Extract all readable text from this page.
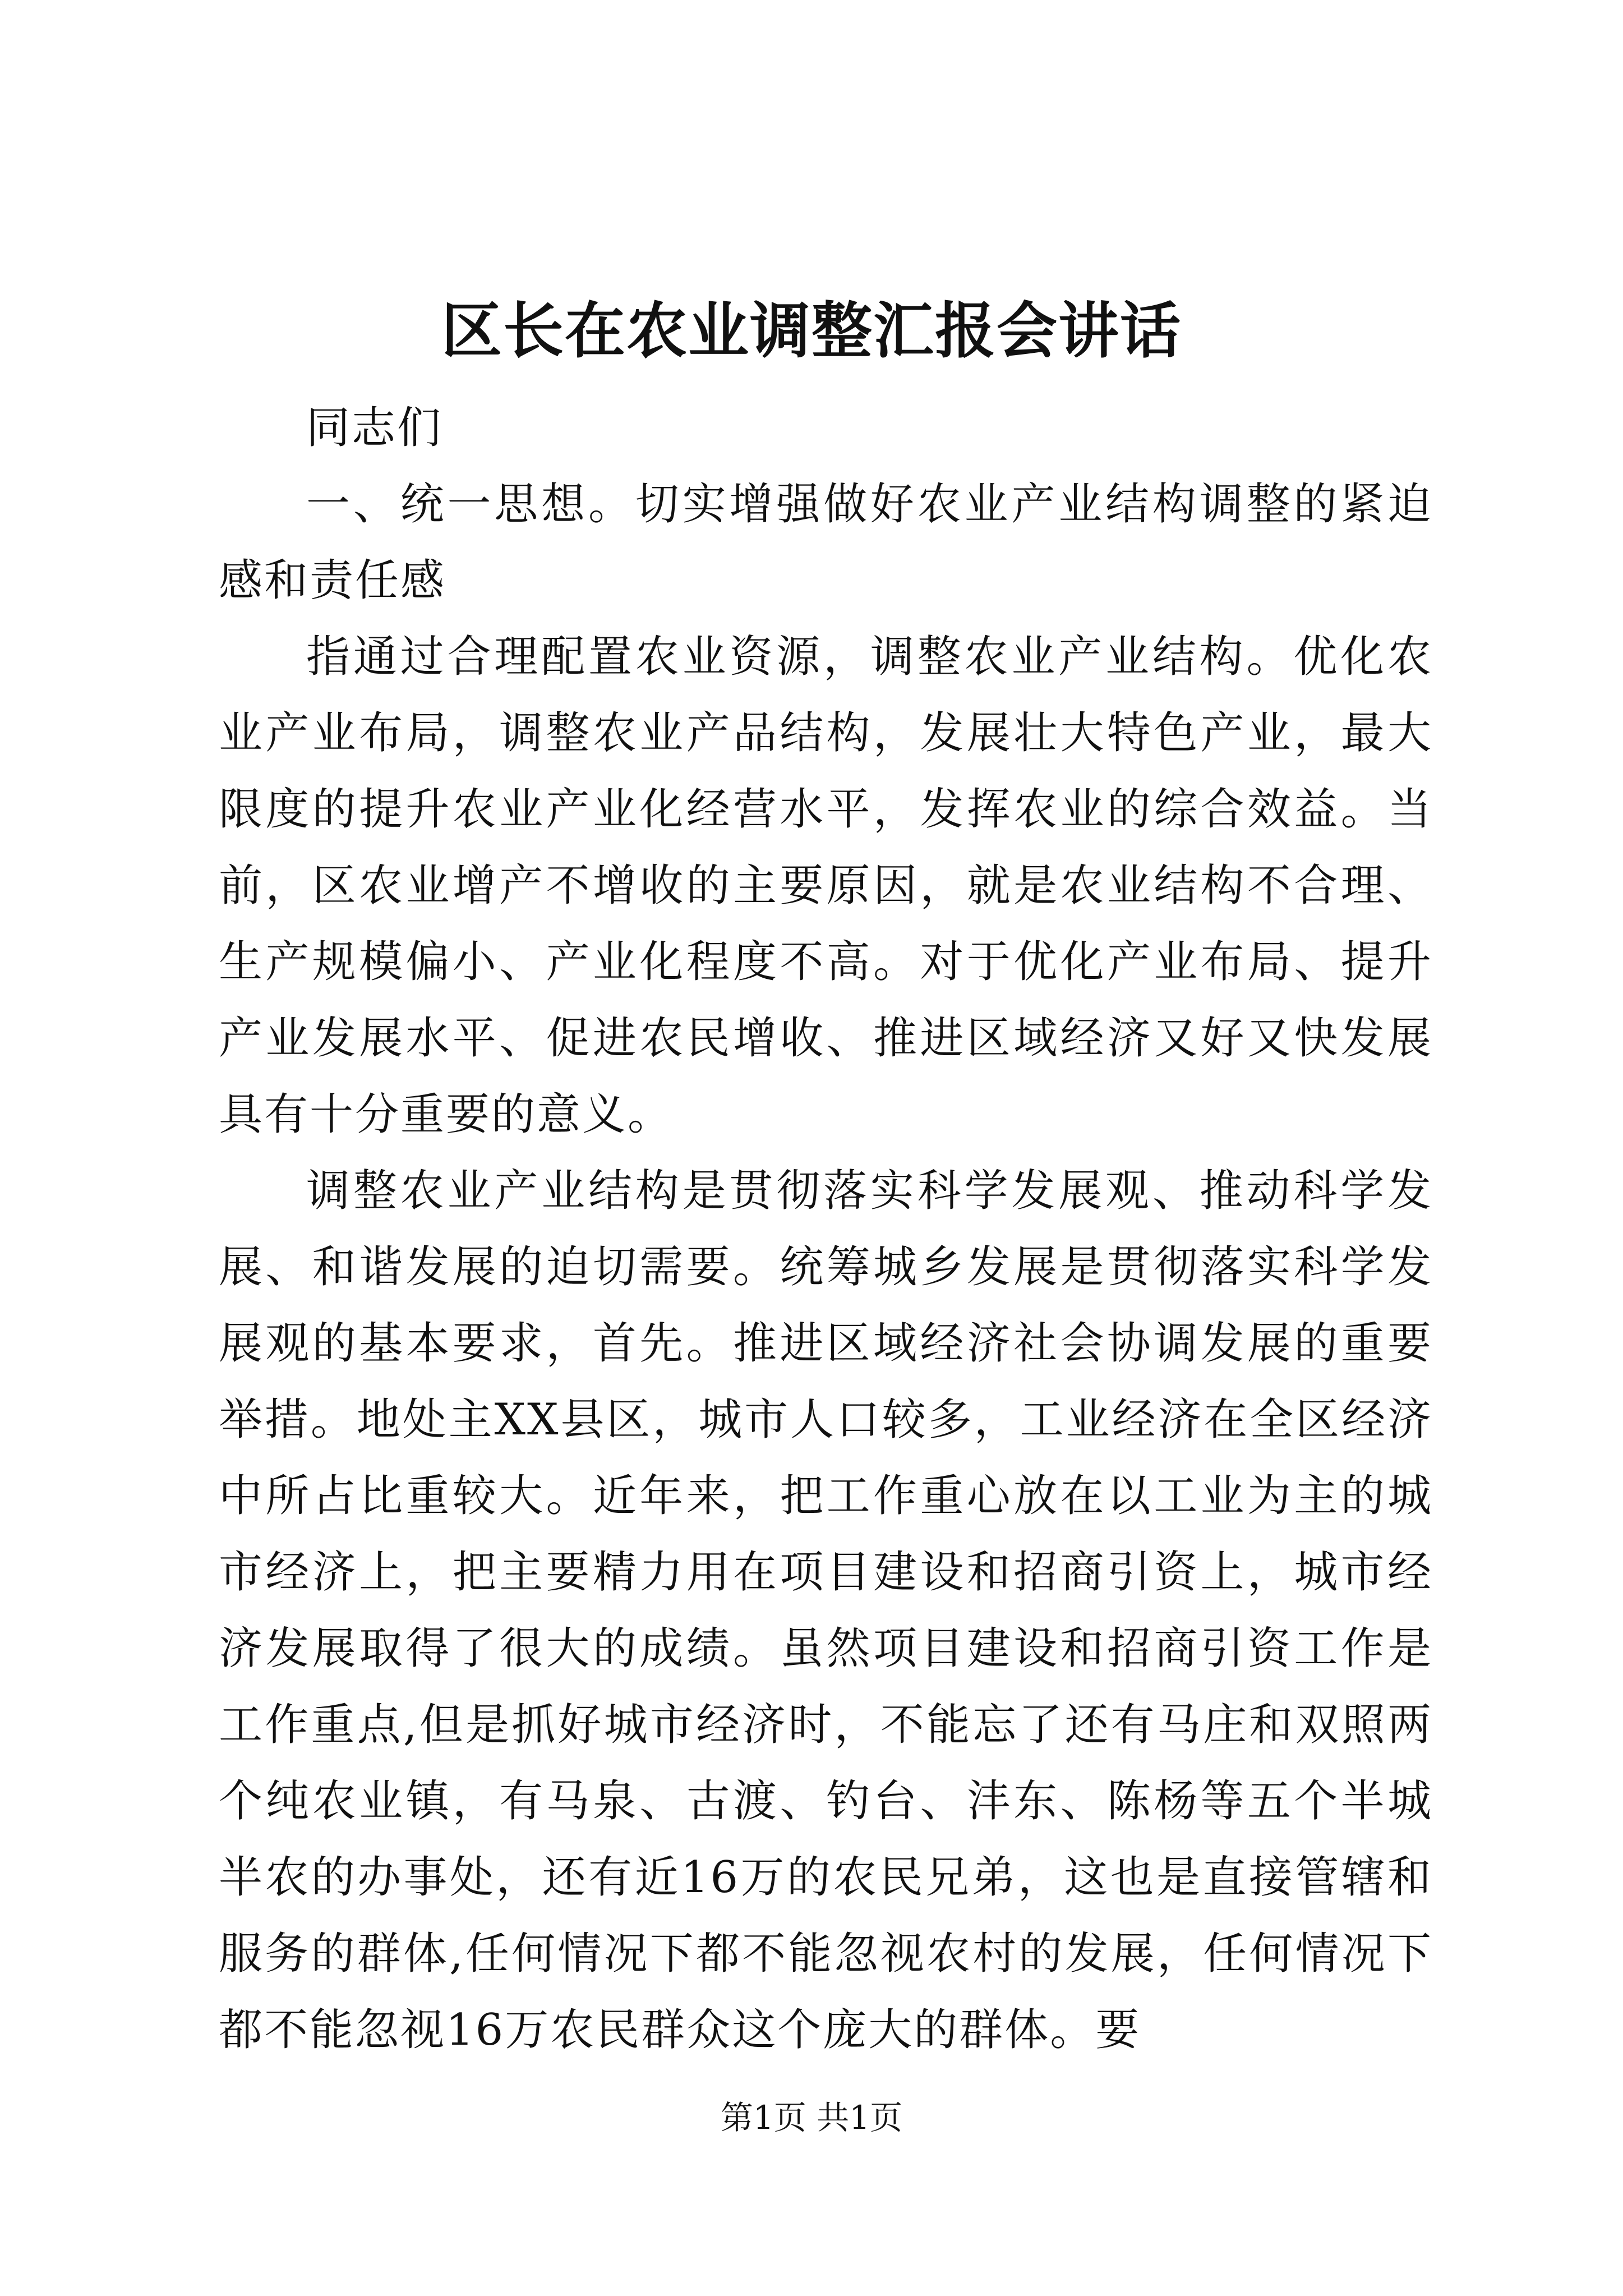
区长在农业调整汇报会讲话

同志们

一、统一思想。切实增强做好农业产业结构调整的紧迫感和责任感

指通过合理配置农业资源，调整农业产业结构。优化农业产业布局，调整农业产品结构，发展壮大特色产业，最大限度的提升农业产业化经营水平，发挥农业的综合效益。当前，区农业增产不增收的主要原因，就是农业结构不合理、生产规模偏小、产业化程度不高。对于优化产业布局、提升产业发展水平、促进农民增收、推进区域经济又好又快发展具有十分重要的意义。

调整农业产业结构是贯彻落实科学发展观、推动科学发展、和谐发展的迫切需要。统筹城乡发展是贯彻落实科学发展观的基本要求，首先。推进区域经济社会协调发展的重要举措。地处主XX县区，城市人口较多，工业经济在全区经济中所占比重较大。近年来，把工作重心放在以工业为主的城市经济上，把主要精力用在项目建设和招商引资上，城市经济发展取得了很大的成绩。虽然项目建设和招商引资工作是工作重点,但是抓好城市经济时，不能忘了还有马庄和双照两个纯农业镇，有马泉、古渡、钓台、沣东、陈杨等五个半城半农的办事处，还有近16万的农民兄弟，这也是直接管辖和服务的群体,任何情况下都不能忽视农村的发展，任何情况下都不能忽视16万农民群众这个庞大的群体。要

第1页 共1页
